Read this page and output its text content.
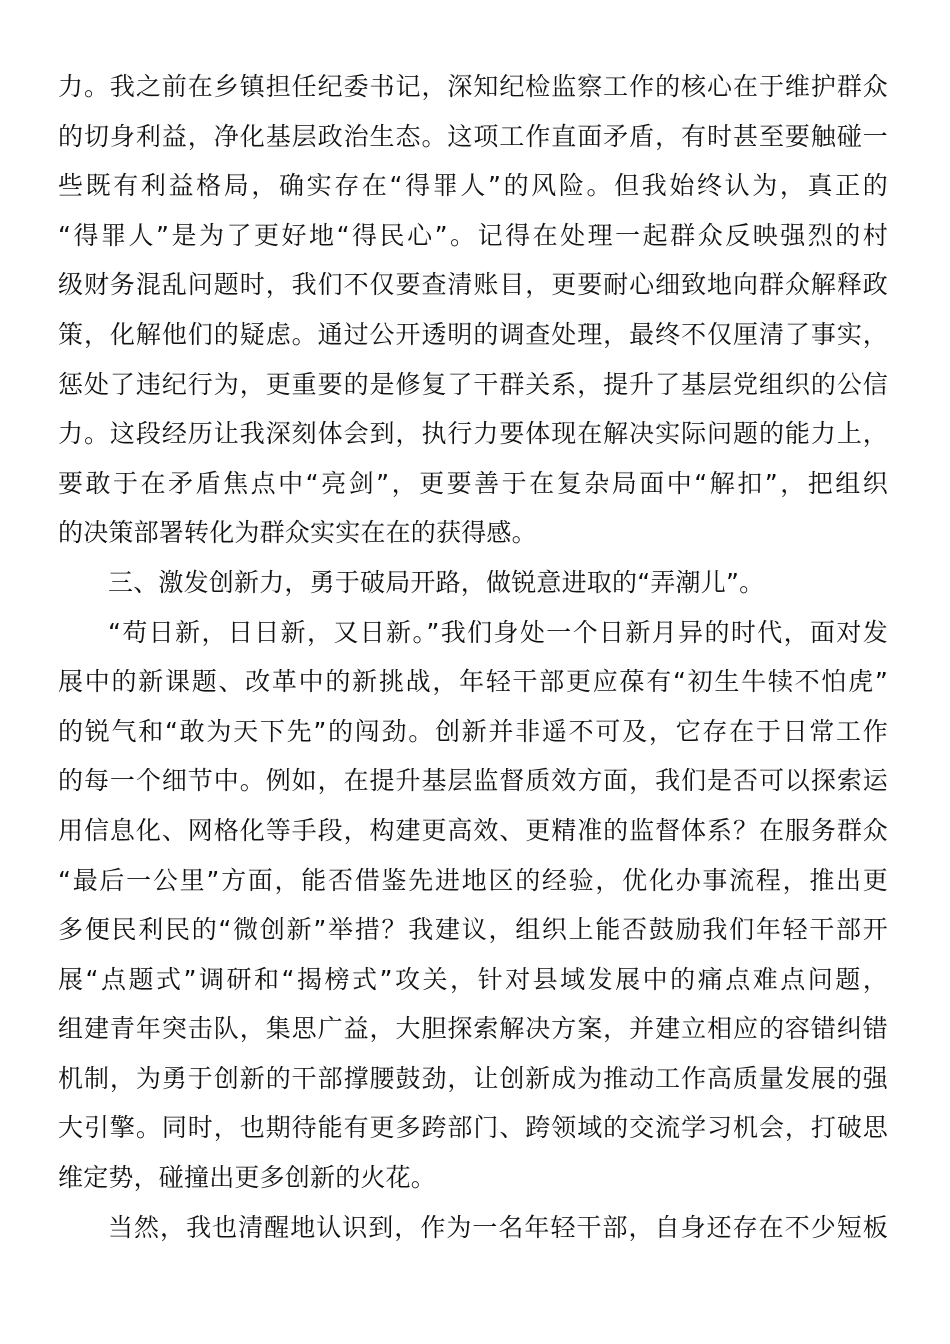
力。我之前在乡镇担任纪委书记，深知纪检监察工作的核心在于维护群众
的切身利益，净化基层政治生态。这项工作直面矛盾，有时甚至要触碰一
些既有利益格局，确实存在“得罪人”的风险。但我始终认为，真正的
“得罪人”是为了更好地“得民心”。记得在处理一起群众反映强烈的村
级财务混乱问题时，我们不仅要查清账目，更要耐心细致地向群众解释政
策，化解他们的疑虑。通过公开透明的调查处理，最终不仅厘清了事实，
惩处了违纪行为，更重要的是修复了干群关系，提升了基层党组织的公信
力。这段经历让我深刻体会到，执行力要体现在解决实际问题的能力上，
要敢于在矛盾焦点中“亮剑”，更要善于在复杂局面中“解扣”，把组织
的决策部署转化为群众实实在在的获得感。
三、激发创新力，勇于破局开路，做锐意进取的“弄潮儿”。
“苟日新，日日新，又日新。”我们身处一个日新月异的时代，面对发
展中的新课题、改革中的新挑战，年轻干部更应葆有“初生牛犊不怕虎”
的锐气和“敢为天下先”的闯劲。创新并非遥不可及，它存在于日常工作
的每一个细节中。例如，在提升基层监督质效方面，我们是否可以探索运
用信息化、网格化等手段，构建更高效、更精准的监督体系？在服务群众
“最后一公里”方面，能否借鉴先进地区的经验，优化办事流程，推出更
多便民利民的“微创新”举措？我建议，组织上能否鼓励我们年轻干部开
展“点题式”调研和“揭榜式”攻关，针对县域发展中的痛点难点问题，
组建青年突击队，集思广益，大胆探索解决方案，并建立相应的容错纠错
机制，为勇于创新的干部撑腰鼓劲，让创新成为推动工作高质量发展的强
大引擎。同时，也期待能有更多跨部门、跨领域的交流学习机会，打破思
维定势，碰撞出更多创新的火花。
当然，我也清醒地认识到，作为一名年轻干部，自身还存在不少短板
